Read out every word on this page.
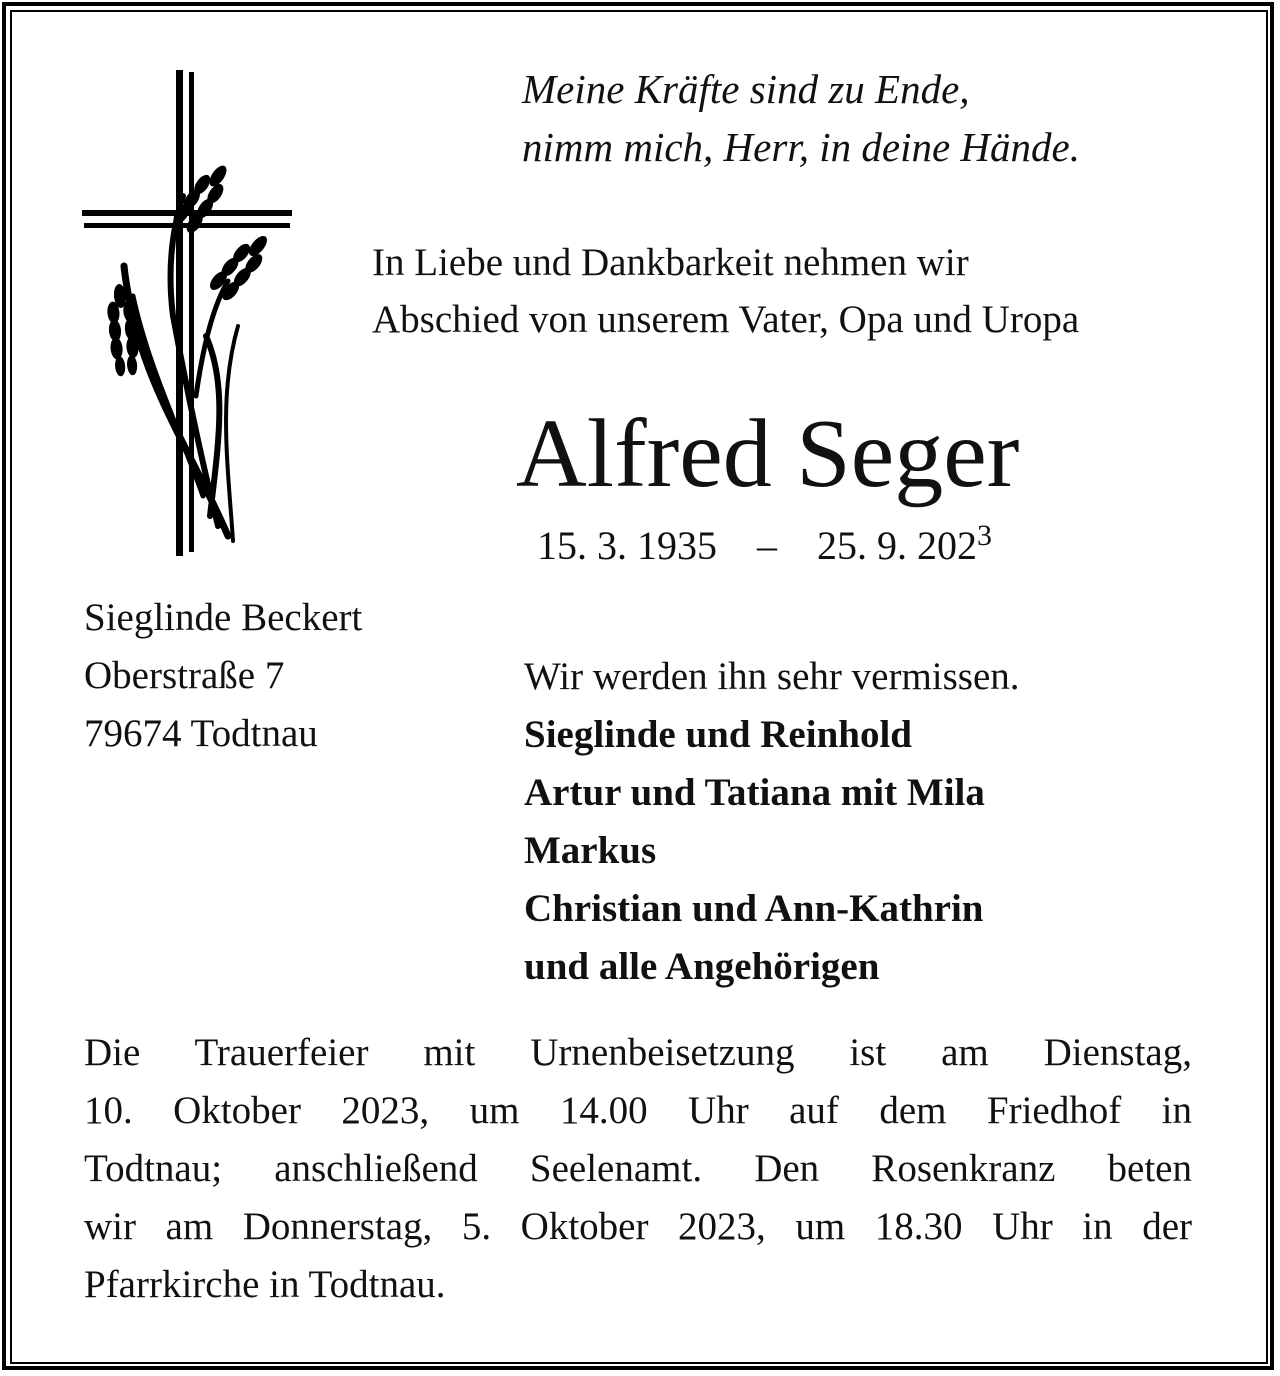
Meine Kräfte sind zu Ende,
nimm mich, Herr, in deine Hände.
In Liebe und Dankbarkeit nehmen wir
Abschied von unserem Vater, Opa und Uropa
Alfred Seger
15. 3. 1935 – 25. 9. $202^3$
Sieglinde Beckert
Oberstraße 7
79674 Todtnau
Wir werden ihn sehr vermissen.
Sieglinde und Reinhold
Artur und Tatiana mit Mila
Markus
Christian und Ann-Kathrin
und alle Angehörigen
Die Trauerfeier mit Urnenbeisetzung ist am Dienstag,
10. Oktober 2023, um 14.00 Uhr auf dem Friedhof in
Todtnau; anschließend Seelenamt. Den Rosenkranz beten
wir am Donnerstag, 5. Oktober 2023, um 18.30 Uhr in der
Pfarrkirche in Todtnau.
